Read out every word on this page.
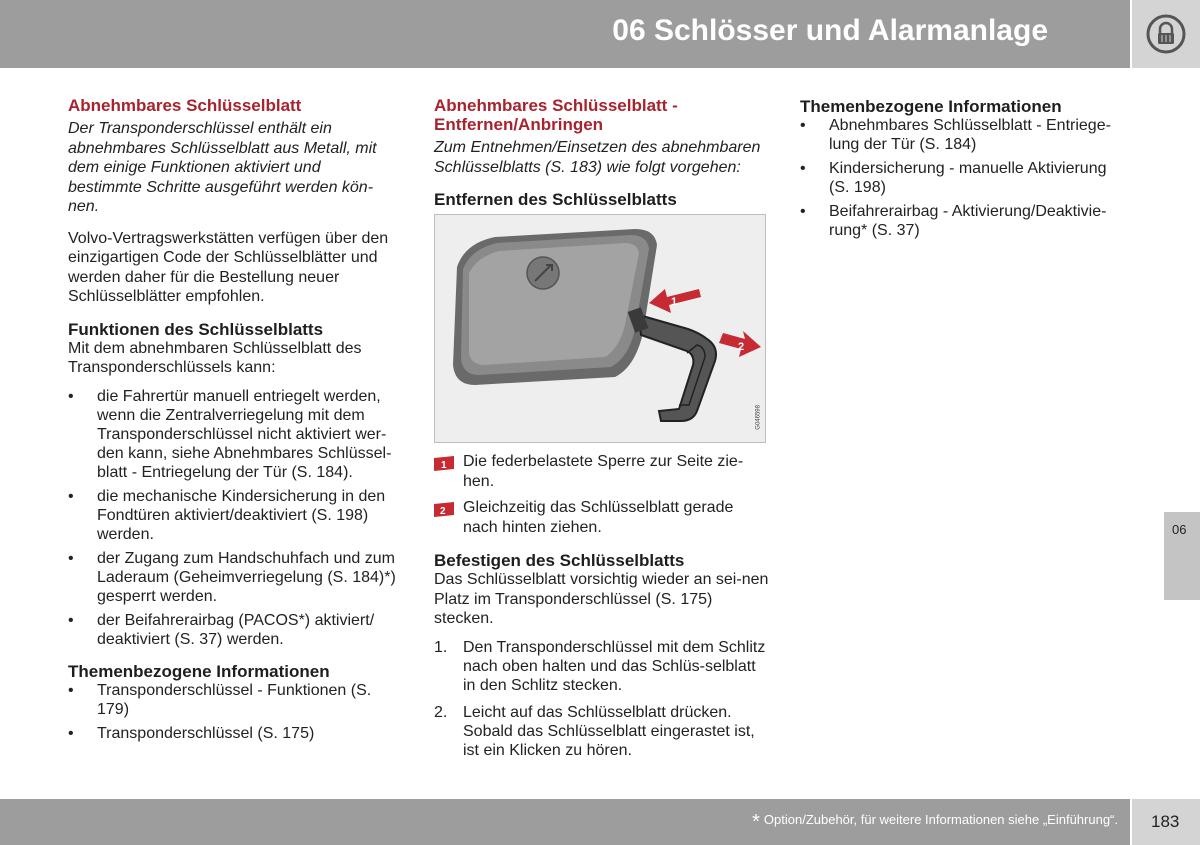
06 Schlösser und Alarmanlage
Abnehmbares Schlüsselblatt

Der Transponderschlüssel enthält ein abnehmbares Schlüsselblatt aus Metall, mit dem einige Funktionen aktiviert und bestimmte Schritte ausgeführt werden kön-nen.

Volvo-Vertragswerkstätten verfügen über den einzigartigen Code der Schlüsselblätter und werden daher für die Bestellung neuer Schlüsselblätter empfohlen.

Funktionen des Schlüsselblatts

Mit dem abnehmbaren Schlüsselblatt des Transponderschlüssels kann:

• die Fahrertür manuell entriegelt werden, wenn die Zentralverriegelung mit dem Transponderschlüssel nicht aktiviert wer-den kann, siehe Abnehmbares Schlüssel-blatt - Entriegelung der Tür (S. 184).
• die mechanische Kindersicherung in den Fondtüren aktiviert/deaktiviert (S. 198) werden.
• der Zugang zum Handschuhfach und zum Laderaum (Geheimverriegelung (S. 184)*) gesperrt werden.
• der Beifahrerairbag (PACOS*) aktiviert/ deaktiviert (S. 37) werden.
Themenbezogene Informationen
• Transponderschlüssel - Funktionen (S. 179)
• Transponderschlüssel (S. 175)
Abnehmbares Schlüsselblatt - Entfernen/Anbringen

Zum Entnehmen/Einsetzen des abnehmbaren Schlüsselblatts (S. 183) wie folgt vorgehen:

Entfernen des Schlüsselblatts
1
2
G046598
1 Die federbelastete Sperre zur Seite zie-hen.
2 Gleichzeitig das Schlüsselblatt gerade nach hinten ziehen.
Befestigen des Schlüsselblatts

Das Schlüsselblatt vorsichtig wieder an sei-nen Platz im Transponderschlüssel (S. 175) stecken.

1. Den Transponderschlüssel mit dem Schlitz nach oben halten und das Schlüs-selblatt in den Schlitz stecken.
2. Leicht auf das Schlüsselblatt drücken. Sobald das Schlüsselblatt eingerastet ist, ist ein Klicken zu hören.
Themenbezogene Informationen
• Abnehmbares Schlüsselblatt - Entriege-lung der Tür (S. 184)
• Kindersicherung - manuelle Aktivierung (S. 198)
• Beifahrerairbag - Aktivierung/Deaktivie-rung* (S. 37)
06
* Option/Zubehör, für weitere Informationen siehe „Einführung“. 183
